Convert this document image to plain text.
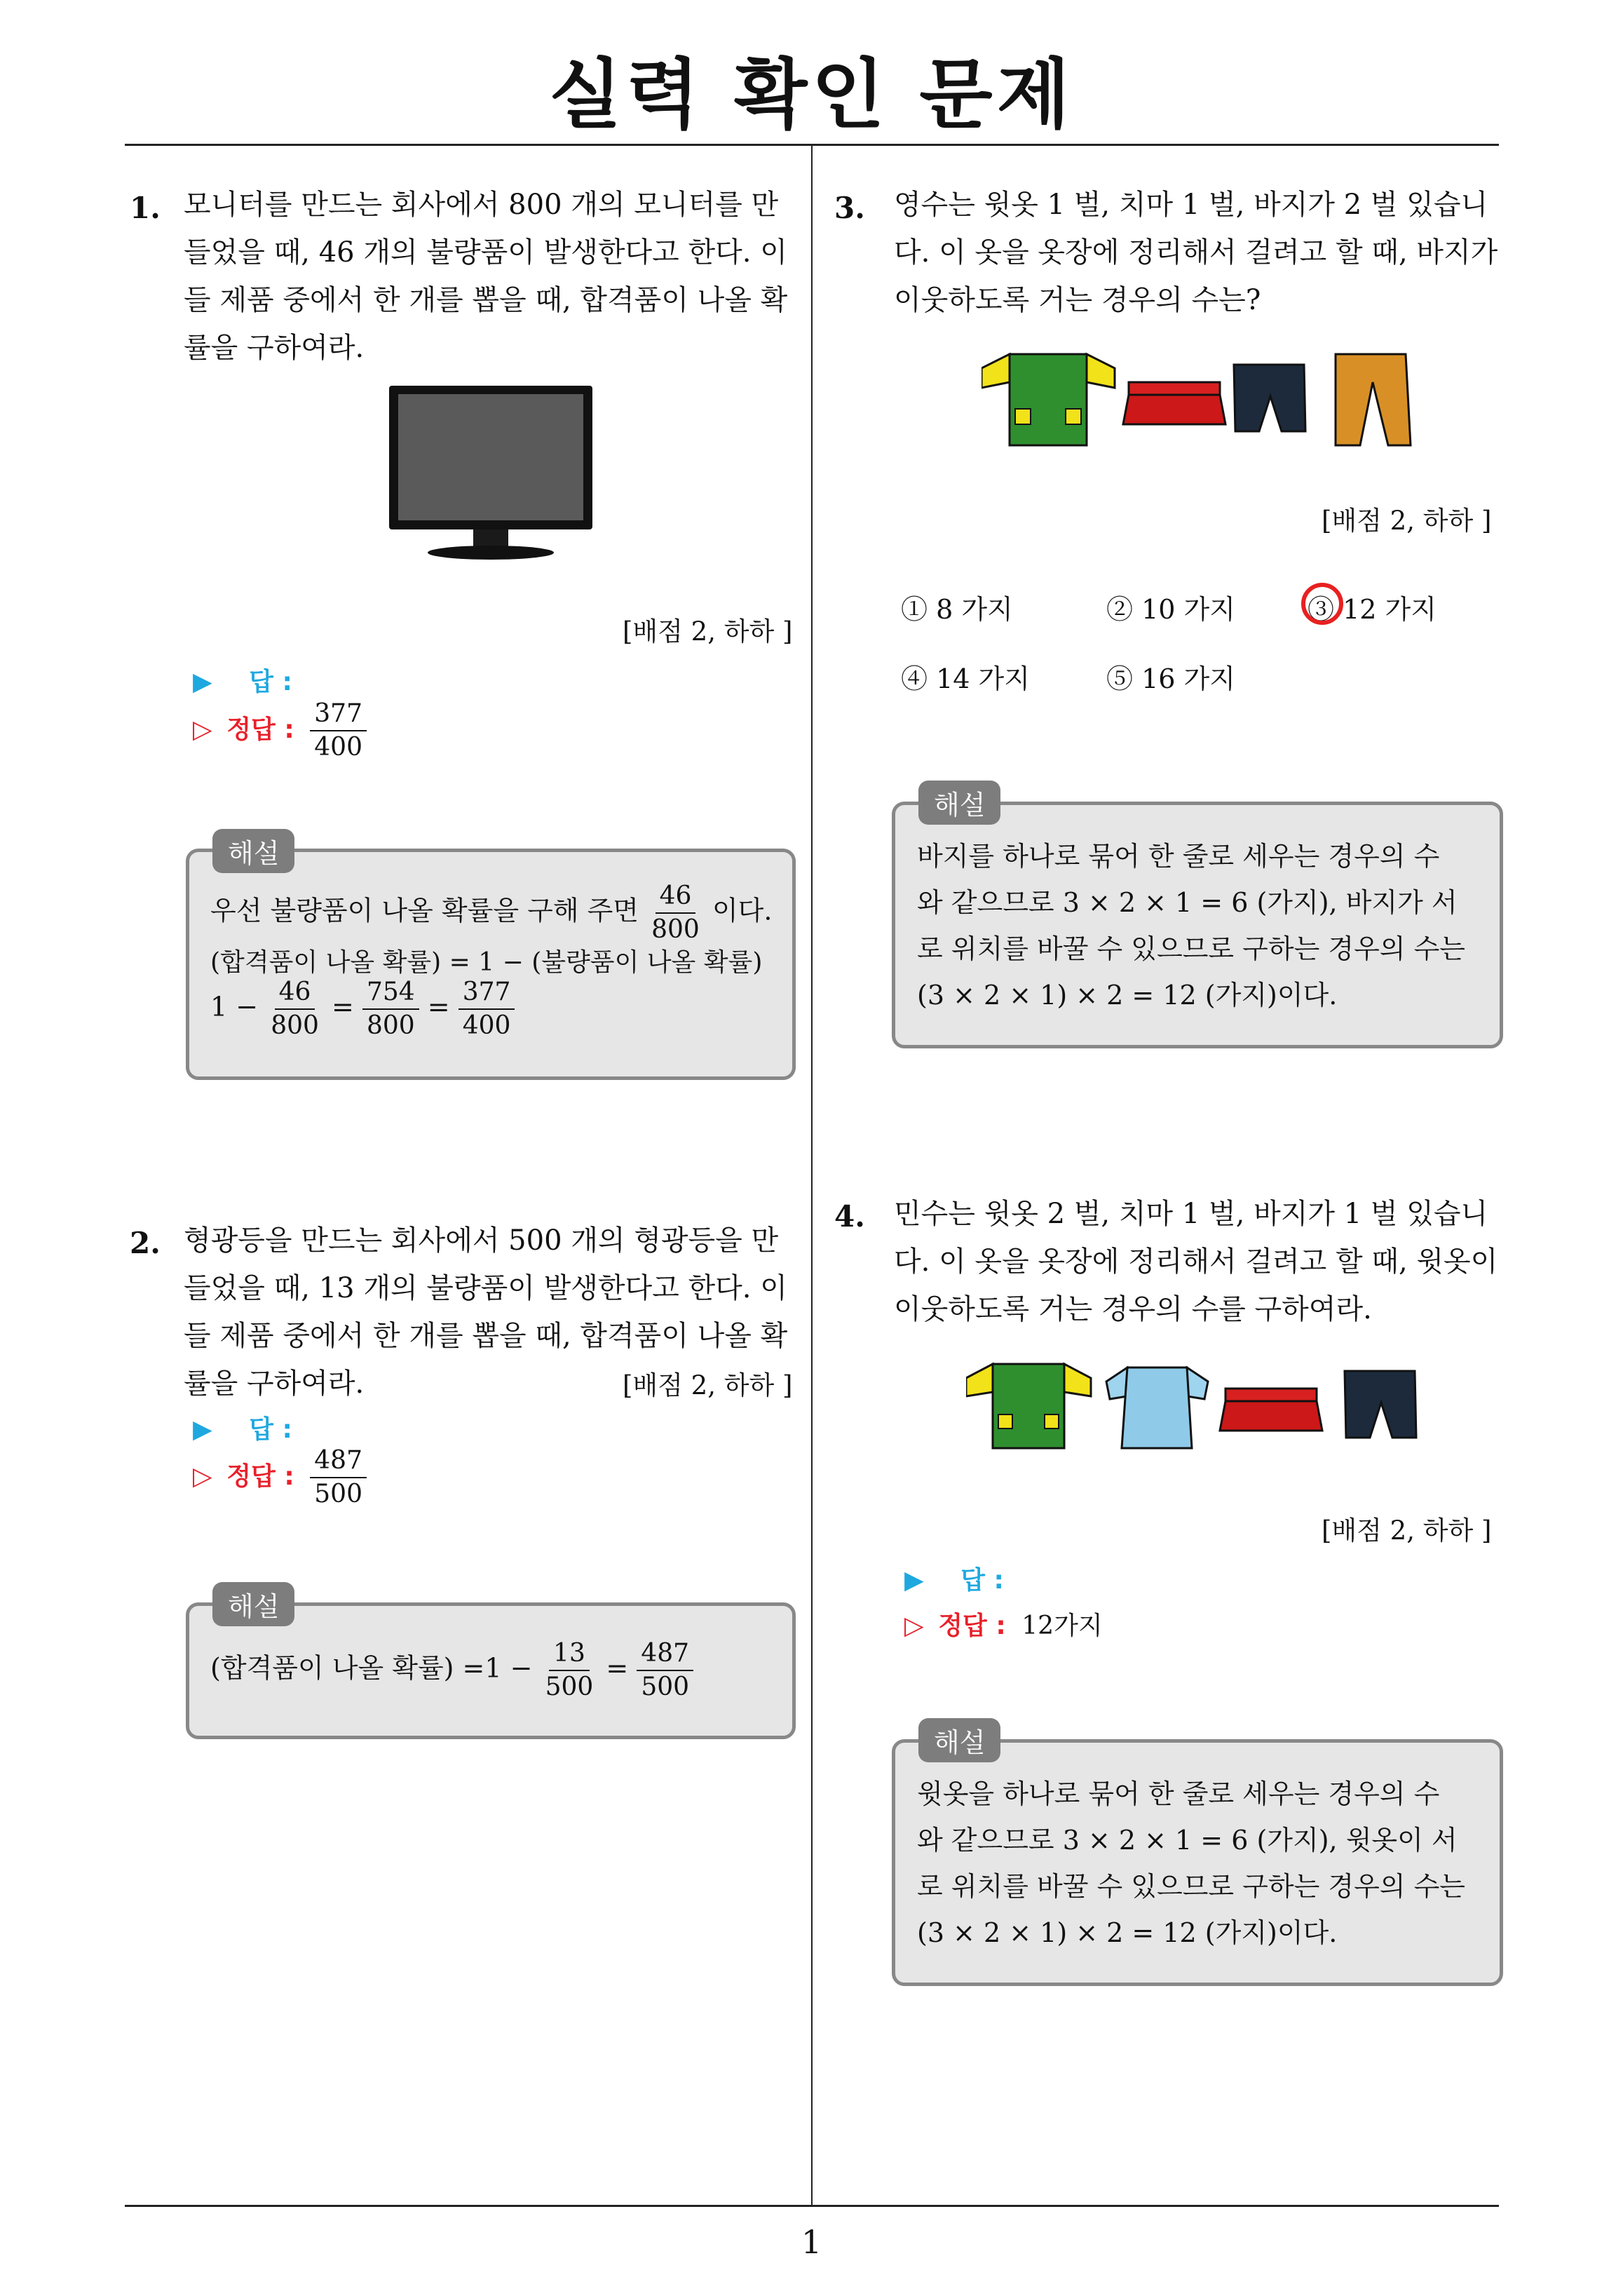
실력 확인 문제
1. 모니터를 만드는 회사에서 800 개의 모니터를 만들었을 때, 46 개의 불량품이 발생한다고 한다. 이들 제품 중에서 한 개를 뽑을 때, 합격품이 나올 확률을 구하여라.
[배점 2, 하하 ]
▶ 답 :
▷ 정답 : $\frac{377}{400}$
해설
우선 불량품이 나올 확률을 구해 주면 $\frac{46}{800}$ 이다.
(합격품이 나올 확률) = 1 − (불량품이 나올 확률)
$1 - \frac{46}{800} = \frac{754}{800} = \frac{377}{400}$
2. 형광등을 만드는 회사에서 500 개의 형광등을 만들었을 때, 13 개의 불량품이 발생한다고 한다. 이들 제품 중에서 한 개를 뽑을 때, 합격품이 나올 확률을 구하여라.	[배점 2, 하하 ]
▶ 답 :
▷ 정답 : $\frac{487}{500}$
해설
(합격품이 나올 확률) $=1 - \frac{13}{500} = \frac{487}{500}$
3. 영수는 윗옷 1 벌, 치마 1 벌, 바지가 2 벌 있습니다. 이 옷을 옷장에 정리해서 걸려고 할 때, 바지가 이웃하도록 거는 경우의 수는?
[배점 2, 하하 ]
① 8 가지	② 10 가지	③ 12 가지
④ 14 가지	⑤ 16 가지
해설
바지를 하나로 묶어 한 줄로 세우는 경우의 수
와 같으므로 3 × 2 × 1 = 6 (가지), 바지가 서
로 위치를 바꿀 수 있으므로 구하는 경우의 수는
(3 × 2 × 1) × 2 = 12 (가지)이다.
4. 민수는 윗옷 2 벌, 치마 1 벌, 바지가 1 벌 있습니다. 이 옷을 옷장에 정리해서 걸려고 할 때, 윗옷이 이웃하도록 거는 경우의 수를 구하여라.
[배점 2, 하하 ]
▶ 답 :
▷ 정답 : 12가지
해설
윗옷을 하나로 묶어 한 줄로 세우는 경우의 수
와 같으므로 3 × 2 × 1 = 6 (가지), 윗옷이 서
로 위치를 바꿀 수 있으므로 구하는 경우의 수는
(3 × 2 × 1) × 2 = 12 (가지)이다.
1
